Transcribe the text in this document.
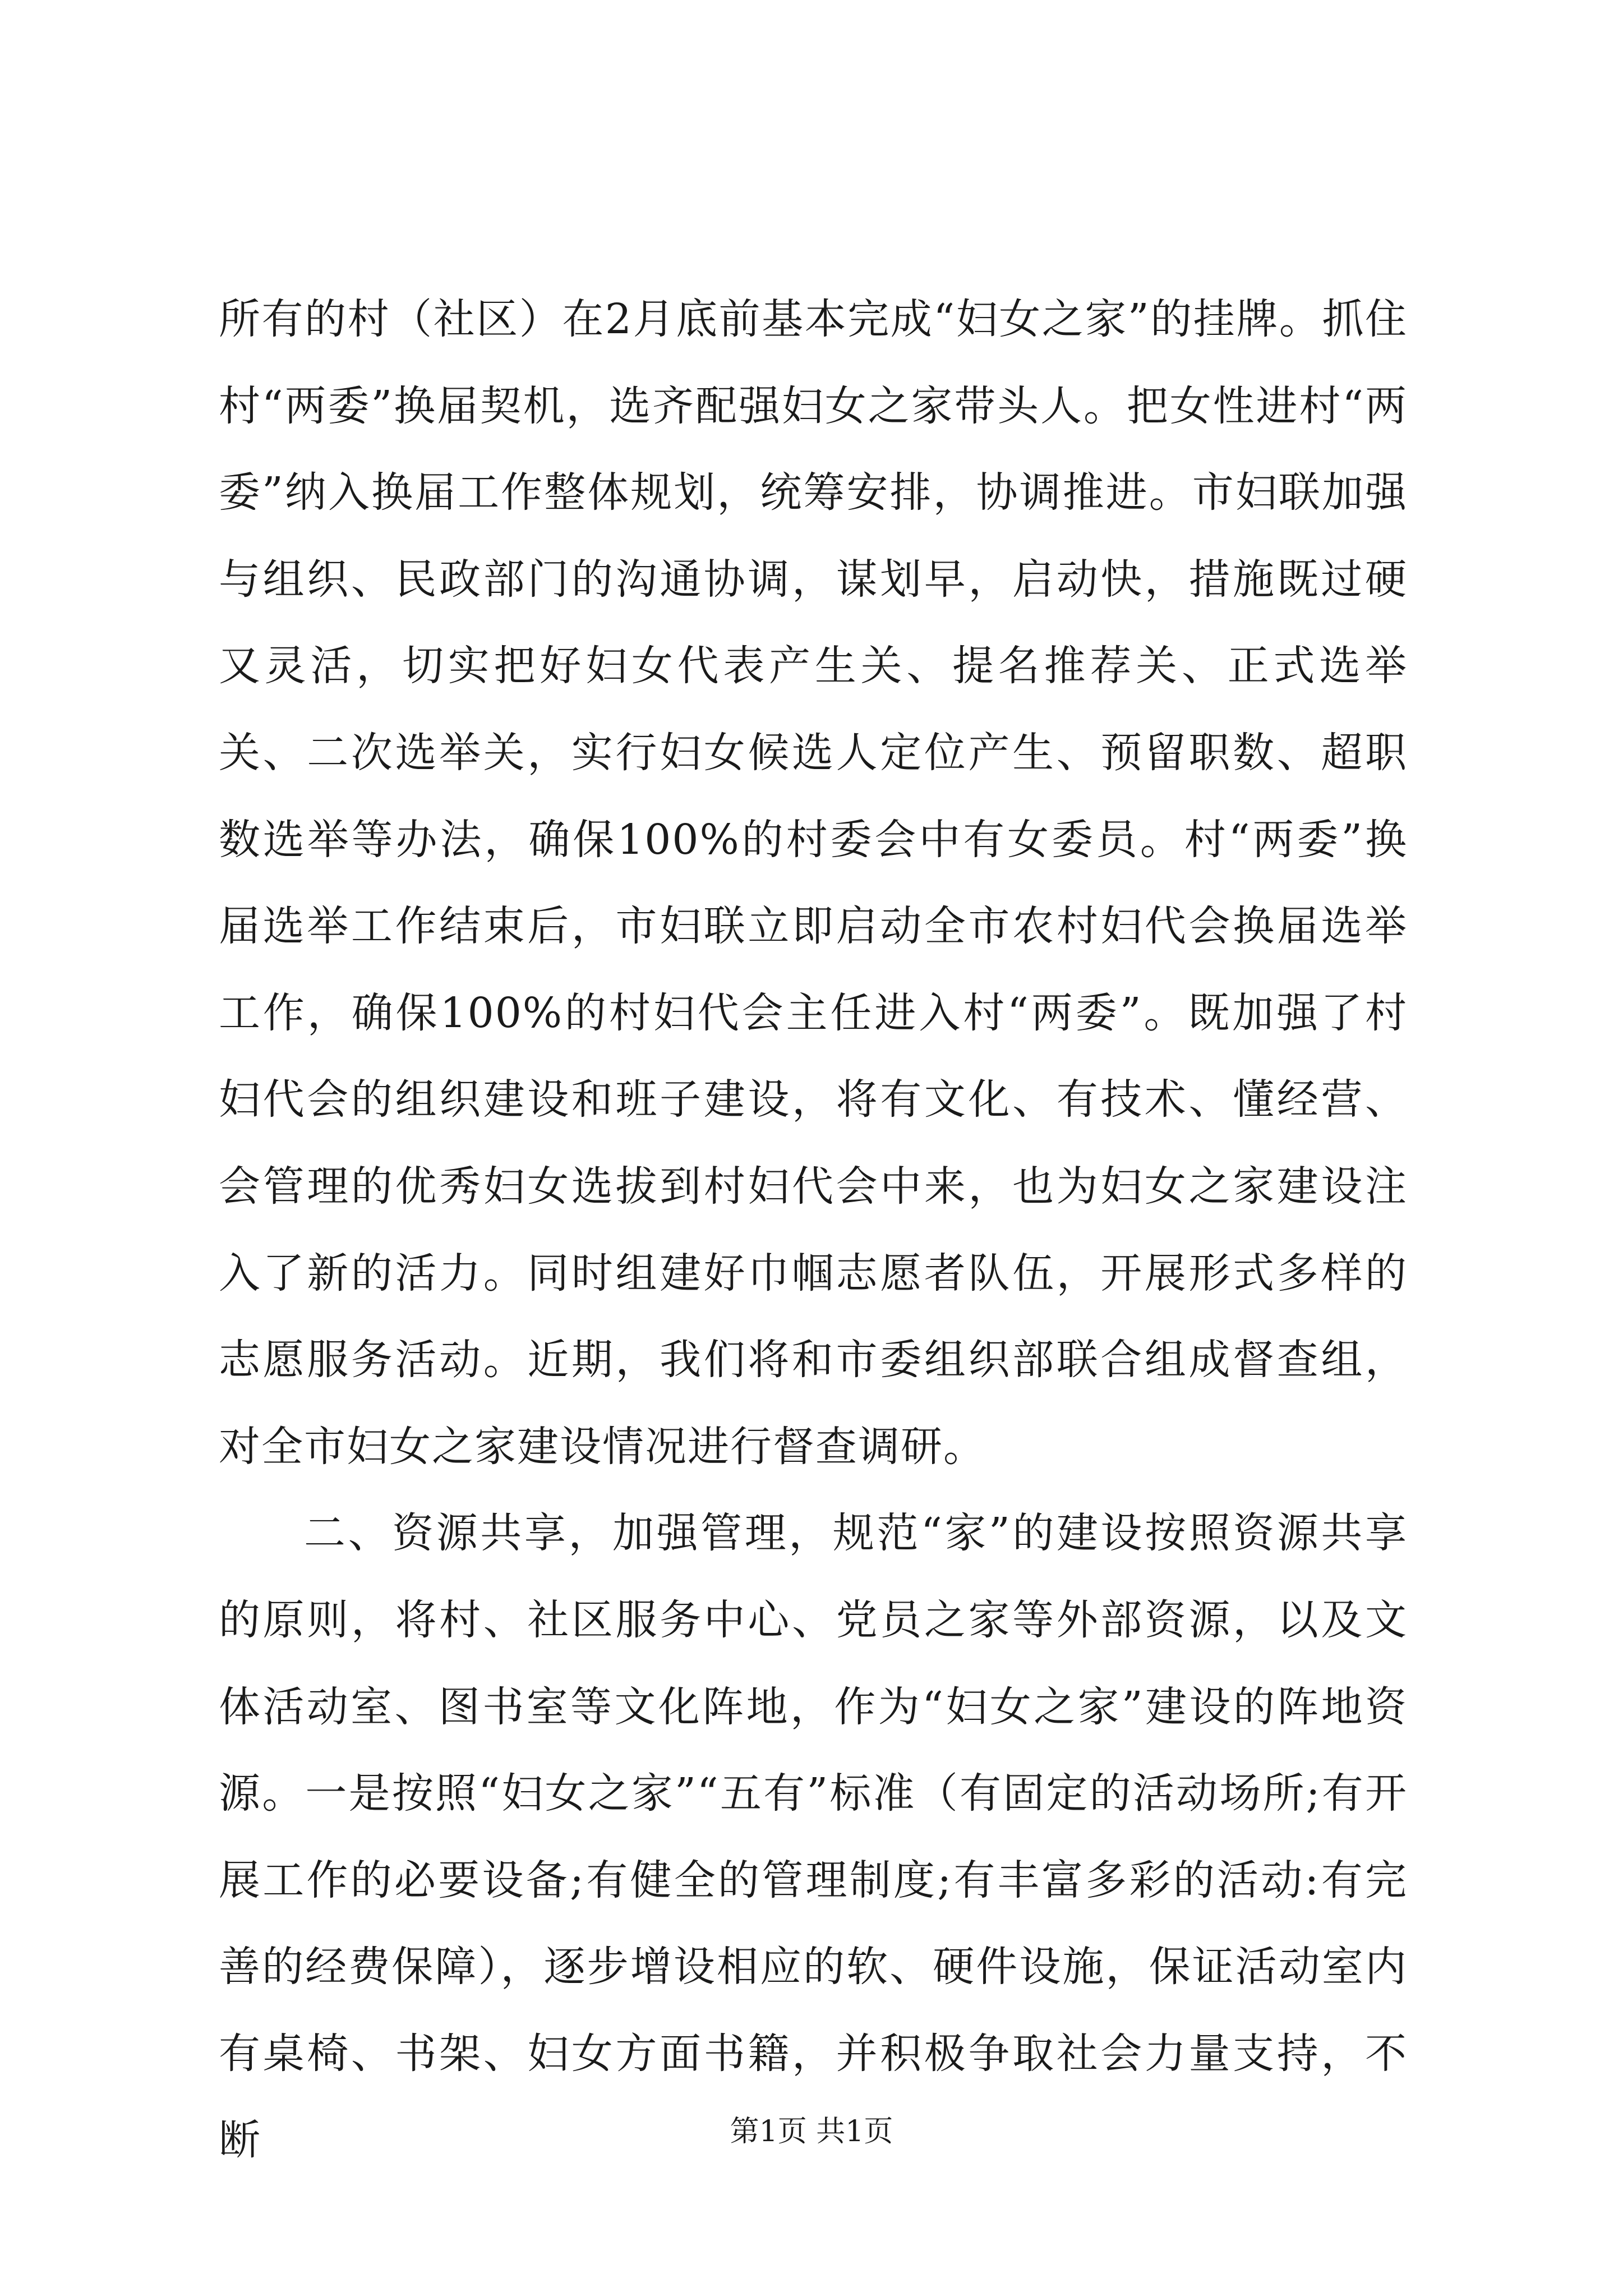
所有的村（社区）在2月底前基本完成“妇女之家”的挂牌。抓住村“两委”换届契机，选齐配强妇女之家带头人。把女性进村“两委”纳入换届工作整体规划，统筹安排，协调推进。市妇联加强与组织、民政部门的沟通协调，谋划早，启动快，措施既过硬又灵活，切实把好妇女代表产生关、提名推荐关、正式选举关、二次选举关，实行妇女候选人定位产生、预留职数、超职数选举等办法，确保100%的村委会中有女委员。村“两委”换届选举工作结束后，市妇联立即启动全市农村妇代会换届选举工作，确保100%的村妇代会主任进入村“两委”。既加强了村妇代会的组织建设和班子建设，将有文化、有技术、懂经营、会管理的优秀妇女选拔到村妇代会中来，也为妇女之家建设注入了新的活力。同时组建好巾帼志愿者队伍，开展形式多样的志愿服务活动。近期，我们将和市委组织部联合组成督查组，对全市妇女之家建设情况进行督查调研。

二、资源共享，加强管理，规范“家”的建设按照资源共享的原则，将村、社区服务中心、党员之家等外部资源，以及文体活动室、图书室等文化阵地，作为“妇女之家”建设的阵地资源。一是按照“妇女之家”“五有”标准（有固定的活动场所;有开展工作的必要设备;有健全的管理制度;有丰富多彩的活动:有完善的经费保障），逐步增设相应的软、硬件设施，保证活动室内有桌椅、书架、妇女方面书籍，并积极争取社会力量支持，不断	第1页 共1页
